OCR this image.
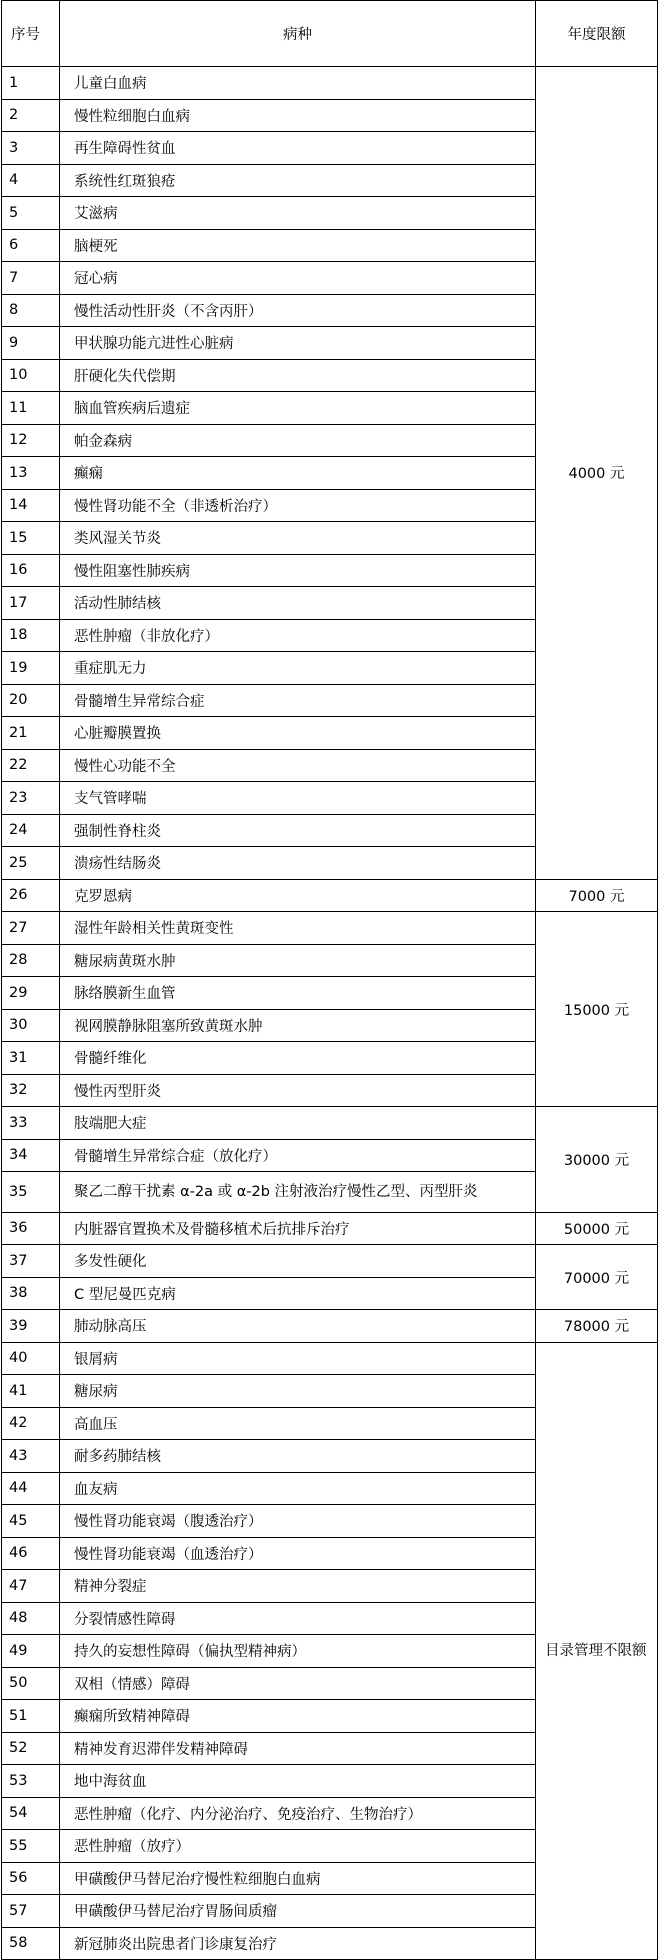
序号	病种	年度限额
1	儿童白血病	4000 元
2	慢性粒细胞白血病	
3	再生障碍性贫血	
4	系统性红斑狼疮	
5	艾滋病	
6	脑梗死	
7	冠心病	
8	慢性活动性肝炎（不含丙肝）	
9	甲状腺功能亢进性心脏病	
10	肝硬化失代偿期	
11	脑血管疾病后遗症	
12	帕金森病	
13	癫痫	
14	慢性肾功能不全（非透析治疗）	
15	类风湿关节炎	
16	慢性阻塞性肺疾病	
17	活动性肺结核	
18	恶性肿瘤（非放化疗）	
19	重症肌无力	
20	骨髓增生异常综合症	
21	心脏瓣膜置换	
22	慢性心功能不全	
23	支气管哮喘	
24	强制性脊柱炎	
25	溃疡性结肠炎	
26	克罗恩病	7000 元
27	湿性年龄相关性黄斑变性	15000 元
28	糖尿病黄斑水肿	
29	脉络膜新生血管	
30	视网膜静脉阻塞所致黄斑水肿	
31	骨髓纤维化	
32	慢性丙型肝炎	
33	肢端肥大症	30000 元
34	骨髓增生异常综合症（放化疗）	
35	聚乙二醇干扰素 α-2a 或 α-2b 注射液治疗慢性乙型、丙型肝炎	
36	内脏器官置换术及骨髓移植术后抗排斥治疗	50000 元
37	多发性硬化	70000 元
38	C 型尼曼匹克病	
39	肺动脉高压	78000 元
40	银屑病	目录管理不限额
41	糖尿病	
42	高血压	
43	耐多药肺结核	
44	血友病	
45	慢性肾功能衰竭（腹透治疗）	
46	慢性肾功能衰竭（血透治疗）	
47	精神分裂症	
48	分裂情感性障碍	
49	持久的妄想性障碍（偏执型精神病）	
50	双相（情感）障碍	
51	癫痫所致精神障碍	
52	精神发育迟滞伴发精神障碍	
53	地中海贫血	
54	恶性肿瘤（化疗、内分泌治疗、免疫治疗、生物治疗）	
55	恶性肿瘤（放疗）	
56	甲磺酸伊马替尼治疗慢性粒细胞白血病	
57	甲磺酸伊马替尼治疗胃肠间质瘤	
58	新冠肺炎出院患者门诊康复治疗	
